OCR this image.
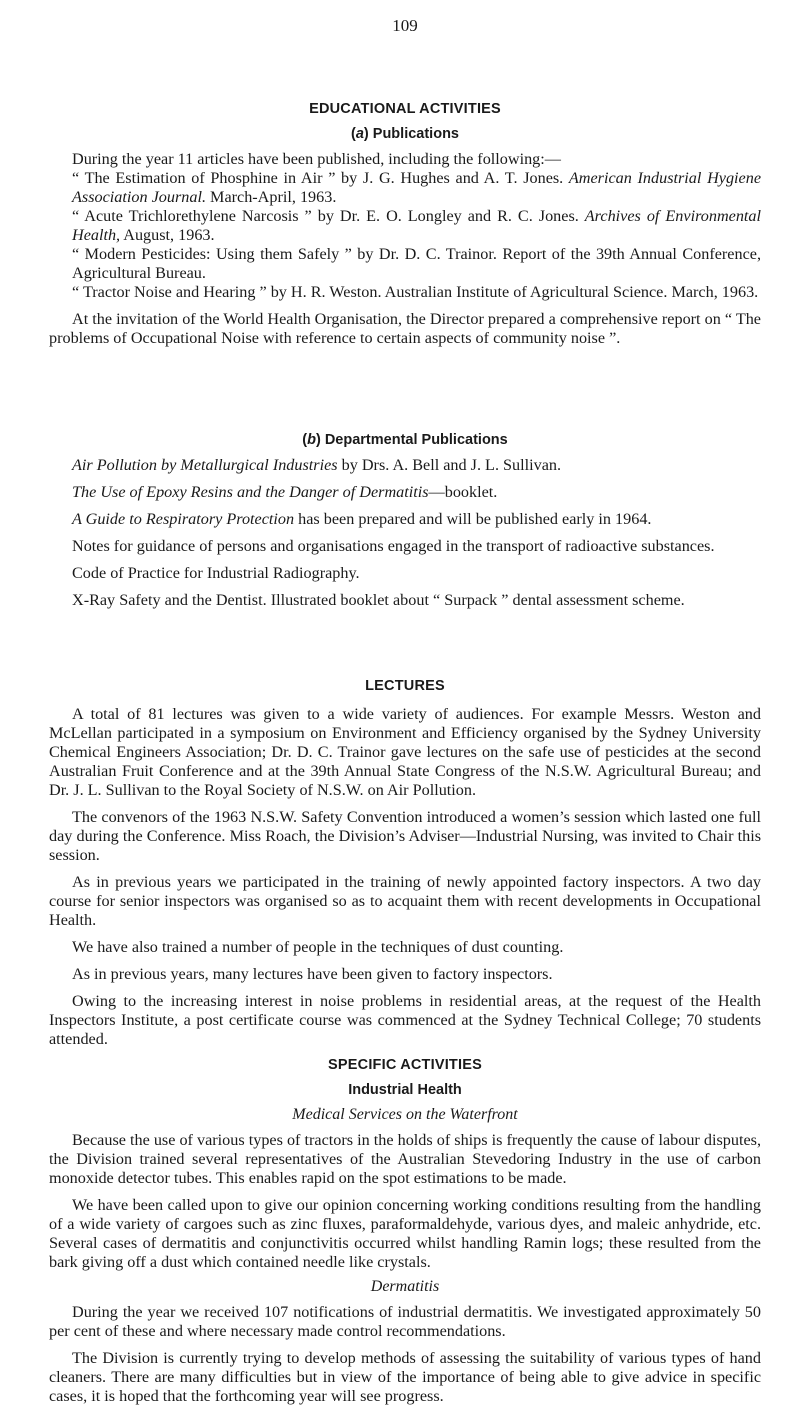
109
EDUCATIONAL ACTIVITIES
(a) Publications

During the year 11 articles have been published, including the following:—

“ The Estimation of Phosphine in Air ” by J. G. Hughes and A. T. Jones. American Industrial Hygiene Association Journal. March-April, 1963.

“ Acute Trichlorethylene Narcosis ” by Dr. E. O. Longley and R. C. Jones. Archives of Environmental Health, August, 1963.

“ Modern Pesticides: Using them Safely ” by Dr. D. C. Trainor. Report of the 39th Annual Conference, Agricultural Bureau.

“ Tractor Noise and Hearing ” by H. R. Weston. Australian Institute of Agricultural Science. March, 1963.

At the invitation of the World Health Organisation, the Director prepared a comprehensive report on “ The problems of Occupational Noise with reference to certain aspects of community noise ”.

(b) Departmental Publications

Air Pollution by Metallurgical Industries by Drs. A. Bell and J. L. Sullivan.

The Use of Epoxy Resins and the Danger of Dermatitis—booklet.

A Guide to Respiratory Protection has been prepared and will be published early in 1964.

Notes for guidance of persons and organisations engaged in the transport of radioactive substances.

Code of Practice for Industrial Radiography.

X-Ray Safety and the Dentist. Illustrated booklet about “ Surpack ” dental assessment scheme.

LECTURES

A total of 81 lectures was given to a wide variety of audiences. For example Messrs. Weston and McLellan participated in a symposium on Environment and Efficiency organised by the Sydney University Chemical Engineers Association; Dr. D. C. Trainor gave lectures on the safe use of pesticides at the second Australian Fruit Conference and at the 39th Annual State Congress of the N.S.W. Agricultural Bureau; and Dr. J. L. Sullivan to the Royal Society of N.S.W. on Air Pollution.

The convenors of the 1963 N.S.W. Safety Convention introduced a women’s session which lasted one full day during the Conference. Miss Roach, the Division’s Adviser—Industrial Nursing, was invited to Chair this session.

As in previous years we participated in the training of newly appointed factory inspectors. A two day course for senior inspectors was organised so as to acquaint them with recent developments in Occupational Health.

We have also trained a number of people in the techniques of dust counting.

As in previous years, many lectures have been given to factory inspectors.

Owing to the increasing interest in noise problems in residential areas, at the request of the Health Inspectors Institute, a post certificate course was commenced at the Sydney Technical College; 70 students attended.

SPECIFIC ACTIVITIES
Industrial Health
Medical Services on the Waterfront

Because the use of various types of tractors in the holds of ships is frequently the cause of labour disputes, the Division trained several representatives of the Australian Stevedoring Industry in the use of carbon monoxide detector tubes. This enables rapid on the spot estimations to be made.

We have been called upon to give our opinion concerning working conditions resulting from the handling of a wide variety of cargoes such as zinc fluxes, paraformaldehyde, various dyes, and maleic anhydride, etc. Several cases of dermatitis and conjunctivitis occurred whilst handling Ramin logs; these resulted from the bark giving off a dust which contained needle like crystals.

Dermatitis

During the year we received 107 notifications of industrial dermatitis. We investigated approximately 50 per cent of these and where necessary made control recommendations.

The Division is currently trying to develop methods of assessing the suitability of various types of hand cleaners. There are many difficulties but in view of the importance of being able to give advice in specific cases, it is hoped that the forthcoming year will see progress.
